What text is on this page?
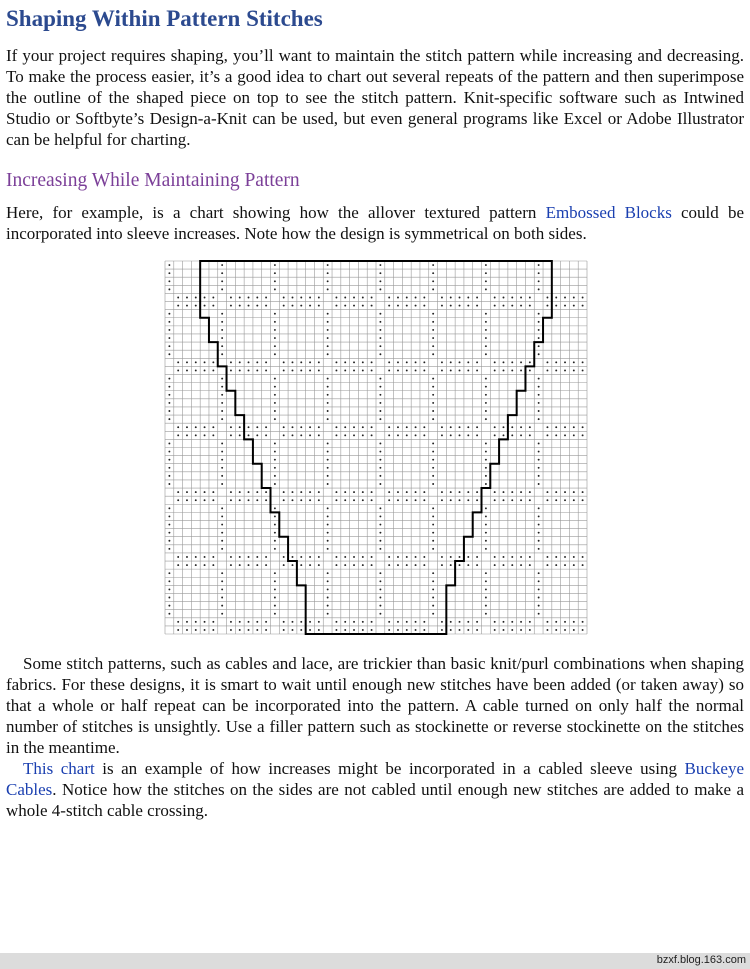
Shaping Within Pattern Stitches

If your project requires shaping, you’ll want to maintain the stitch pattern while increasing and decreasing. To make the process easier, it’s a good idea to chart out several repeats of the pattern and then superimpose the outline of the shaped piece on top to see the stitch pattern. Knit-specific software such as Intwined Studio or Softbyte’s Design-a-Knit can be used, but even general programs like Excel or Adobe Illustrator can be helpful for charting.

Increasing While Maintaining Pattern

Here, for example, is a chart showing how the allover textured pattern Embossed Blocks could be incorporated into sleeve increases. Note how the design is symmetrical on both sides.

Some stitch patterns, such as cables and lace, are trickier than basic knit/purl combinations when shaping fabrics. For these designs, it is smart to wait until enough new stitches have been added (or taken away) so that a whole or half repeat can be incorporated into the pattern. A cable turned on only half the normal number of stitches is unsightly. Use a filler pattern such as stockinette or reverse stockinette on the stitches in the meantime.

This chart is an example of how increases might be incorporated in a cabled sleeve using Buckeye Cables. Notice how the stitches on the sides are not cabled until enough new stitches are added to make a whole 4-stitch cable crossing.

bzxf.blog.163.com
